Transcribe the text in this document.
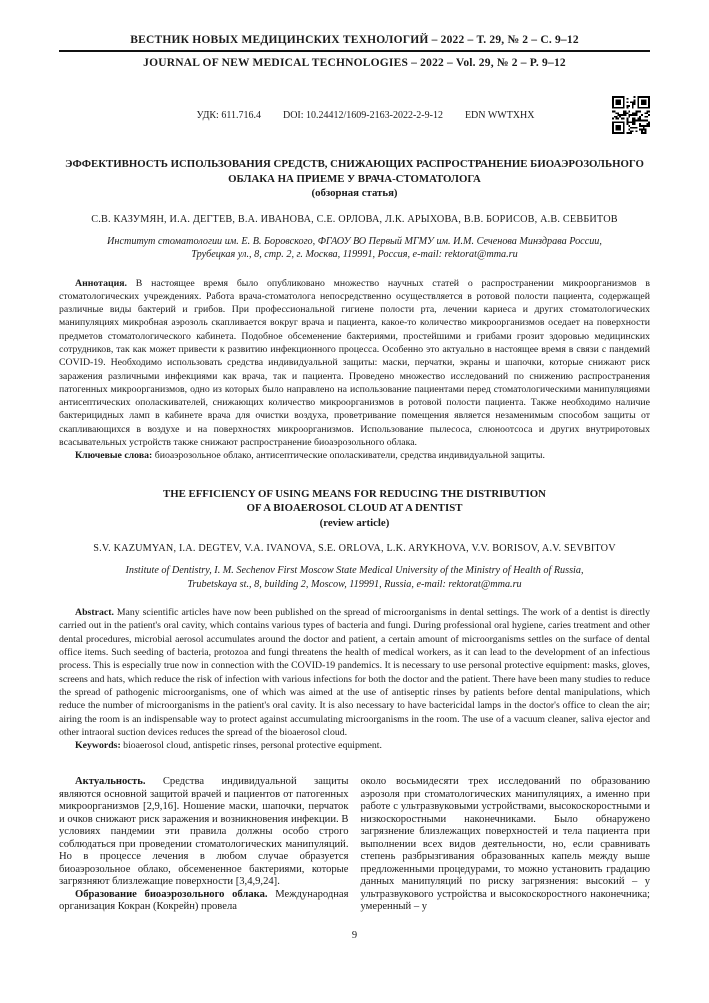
ВЕСТНИК НОВЫХ МЕДИЦИНСКИХ ТЕХНОЛОГИЙ – 2022 – Т. 29, № 2 – С. 9–12
JOURNAL OF NEW MEDICAL TECHNOLOGIES – 2022 – Vol. 29, № 2 – P. 9–12
УДК: 611.716.4 DOI: 10.24412/1609-2163-2022-2-9-12 EDN WWTXHX
ЭФФЕКТИВНОСТЬ ИСПОЛЬЗОВАНИЯ СРЕДСТВ, СНИЖАЮЩИХ РАСПРОСТРАНЕНИЕ БИОАЭРОЗОЛЬНОГО
ОБЛАКА НА ПРИЕМЕ У ВРАЧА-СТОМАТОЛОГА
(обзорная статья)
С.В. КАЗУМЯН, И.А. ДЕГТЕВ, В.А. ИВАНОВА, С.Е. ОРЛОВА, Л.К. АРЫХОВА, В.В. БОРИСОВ, А.В. СЕВБИТОВ
Институт стоматологии им. Е. В. Боровского, ФГАОУ ВО Первый МГМУ им. И.М. Сеченова Минздрава России,
Трубецкая ул., 8, стр. 2, г. Москва, 119991, Россия, e-mail: rektorat@mma.ru

Аннотация. В настоящее время было опубликовано множество научных статей о распространении микроорганизмов в стоматологических учреждениях. Работа врача-стоматолога непосредственно осуществляется в ротовой полости пациента, содержащей различные виды бактерий и грибов. При профессиональной гигиене полости рта, лечении кариеса и других стоматологических манипуляциях микробная аэрозоль скапливается вокруг врача и пациента, какое-то количество микроорганизмов оседает на поверхности предметов стоматологического кабинета. Подобное обсеменение бактериями, простейшими и грибами грозит здоровью медицинских сотрудников, так как может привести к развитию инфекционного процесса. Особенно это актуально в настоящее время в связи с пандемий COVID-19. Необходимо использовать средства индивидуальной защиты: маски, перчатки, экраны и шапочки, которые снижают риск заражения различными инфекциями как врача, так и пациента. Проведено множество исследований по снижению распространения патогенных микроорганизмов, одно из которых было направлено на использование пациентами перед стоматологическими манипуляциями антисептических ополаскивателей, снижающих количество микроорганизмов в ротовой полости пациента. Также необходимо наличие бактерицидных ламп в кабинете врача для очистки воздуха, проветривание помещения является незаменимым способом защиты от скапливающихся в воздухе и на поверхностях микроорганизмов. Использование пылесоса, слюноотсоса и других внутриротовых всасывательных устройств также снижают распространение биоаэрозольного облака.

Ключевые слова: биоаэрозольное облако, антисептические ополаскиватели, средства индивидуальной защиты.

THE EFFICIENCY OF USING MEANS FOR REDUCING THE DISTRIBUTION
OF A BIOAEROSOL CLOUD AT A DENTIST
(review article)
S.V. KAZUMYAN, I.A. DEGTEV, V.A. IVANOVA, S.E. ORLOVA, L.K. ARYKHOVA, V.V. BORISOV, A.V. SEVBITOV
Institute of Dentistry, I. M. Sechenov First Moscow State Medical University of the Ministry of Health of Russia,
Trubetskaya st., 8, building 2, Moscow, 119991, Russia, e-mail: rektorat@mma.ru

Abstract. Many scientific articles have now been published on the spread of microorganisms in dental settings. The work of a dentist is directly carried out in the patient's oral cavity, which contains various types of bacteria and fungi. During professional oral hygiene, caries treatment and other dental procedures, microbial aerosol accumulates around the doctor and patient, a certain amount of microorganisms settles on the surface of dental office items. Such seeding of bacteria, protozoa and fungi threatens the health of medical workers, as it can lead to the development of an infectious process. This is especially true now in connection with the COVID-19 pandemics. It is necessary to use personal protective equipment: masks, gloves, screens and hats, which reduce the risk of infection with various infections for both the doctor and the patient. There have been many studies to reduce the spread of pathogenic microorganisms, one of which was aimed at the use of antiseptic rinses by patients before dental manipulations, which reduce the number of microorganisms in the patient's oral cavity. It is also necessary to have bactericidal lamps in the doctor's office to clean the air; airing the room is an indispensable way to protect against accumulating microorganisms in the room. The use of a vacuum cleaner, saliva ejector and other intraoral suction devices reduces the spread of the bioaerosol cloud.

Keywords: bioaerosol cloud, antispetic rinses, personal protective equipment.

Актуальность. Средства индивидуальной защиты являются основной защитой врачей и пациентов от патогенных микроорганизмов [2,9,16]. Ношение маски, шапочки, перчаток и очков снижают риск заражения и возникновения инфекции. В условиях пандемии эти правила должны особо строго соблюдаться при проведении стоматологических манипуляций. Но в процессе лечения в любом случае образуется биоаэрозольное облако, обсемененное бактериями, которые загрязняют близлежащие поверхности [3,4,9,24].

Образование биоаэрозольного облака. Международная организация Кокран (Кокрейн) провела

около восьмидесяти трех исследований по образованию аэрозоля при стоматологических манипуляциях, а именно при работе с ультразвуковыми устройствами, высокоскоростными и низкоскоростными наконечниками. Было обнаружено загрязнение близлежащих поверхностей и тела пациента при выполнении всех видов деятельности, но, если сравнивать степень разбрызгивания образованных капель между выше предложенными процедурами, то можно установить градацию данных манипуляций по риску загрязнения: высокий – у ультразвукового устройства и высокоскоростного наконечника; умеренный – у

9
